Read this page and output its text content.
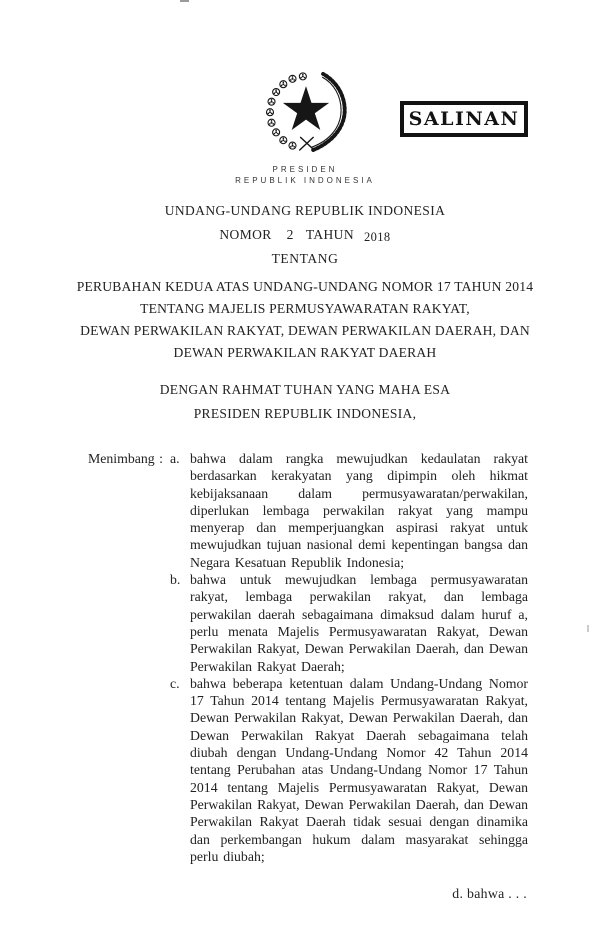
SALINAN
PRESIDEN
REPUBLIK INDONESIA
UNDANG-UNDANG REPUBLIK INDONESIA
NOMOR 2 TAHUN 2018
TENTANG
PERUBAHAN KEDUA ATAS UNDANG-UNDANG NOMOR 17 TAHUN 2014
TENTANG MAJELIS PERMUSYAWARATAN RAKYAT,
DEWAN PERWAKILAN RAKYAT, DEWAN PERWAKILAN DAERAH, DAN
DEWAN PERWAKILAN RAKYAT DAERAH
DENGAN RAHMAT TUHAN YANG MAHA ESA
PRESIDEN REPUBLIK INDONESIA,
Menimbang : a. bahwa dalam rangka mewujudkan kedaulatan rakyat berdasarkan kerakyatan yang dipimpin oleh hikmat kebijaksanaan dalam permusyawaratan/perwakilan, diperlukan lembaga perwakilan rakyat yang mampu menyerap dan memperjuangkan aspirasi rakyat untuk mewujudkan tujuan nasional demi kepentingan bangsa dan Negara Kesatuan Republik Indonesia;
b. bahwa untuk mewujudkan lembaga permusyawaratan rakyat, lembaga perwakilan rakyat, dan lembaga perwakilan daerah sebagaimana dimaksud dalam huruf a, perlu menata Majelis Permusyawaratan Rakyat, Dewan Perwakilan Rakyat, Dewan Perwakilan Daerah, dan Dewan Perwakilan Rakyat Daerah;
c. bahwa beberapa ketentuan dalam Undang-Undang Nomor 17 Tahun 2014 tentang Majelis Permusyawaratan Rakyat, Dewan Perwakilan Rakyat, Dewan Perwakilan Daerah, dan Dewan Perwakilan Rakyat Daerah sebagaimana telah diubah dengan Undang-Undang Nomor 42 Tahun 2014 tentang Perubahan atas Undang-Undang Nomor 17 Tahun 2014 tentang Majelis Permusyawaratan Rakyat, Dewan Perwakilan Rakyat, Dewan Perwakilan Daerah, dan Dewan Perwakilan Rakyat Daerah tidak sesuai dengan dinamika dan perkembangan hukum dalam masyarakat sehingga perlu diubah;
d. bahwa . . .
